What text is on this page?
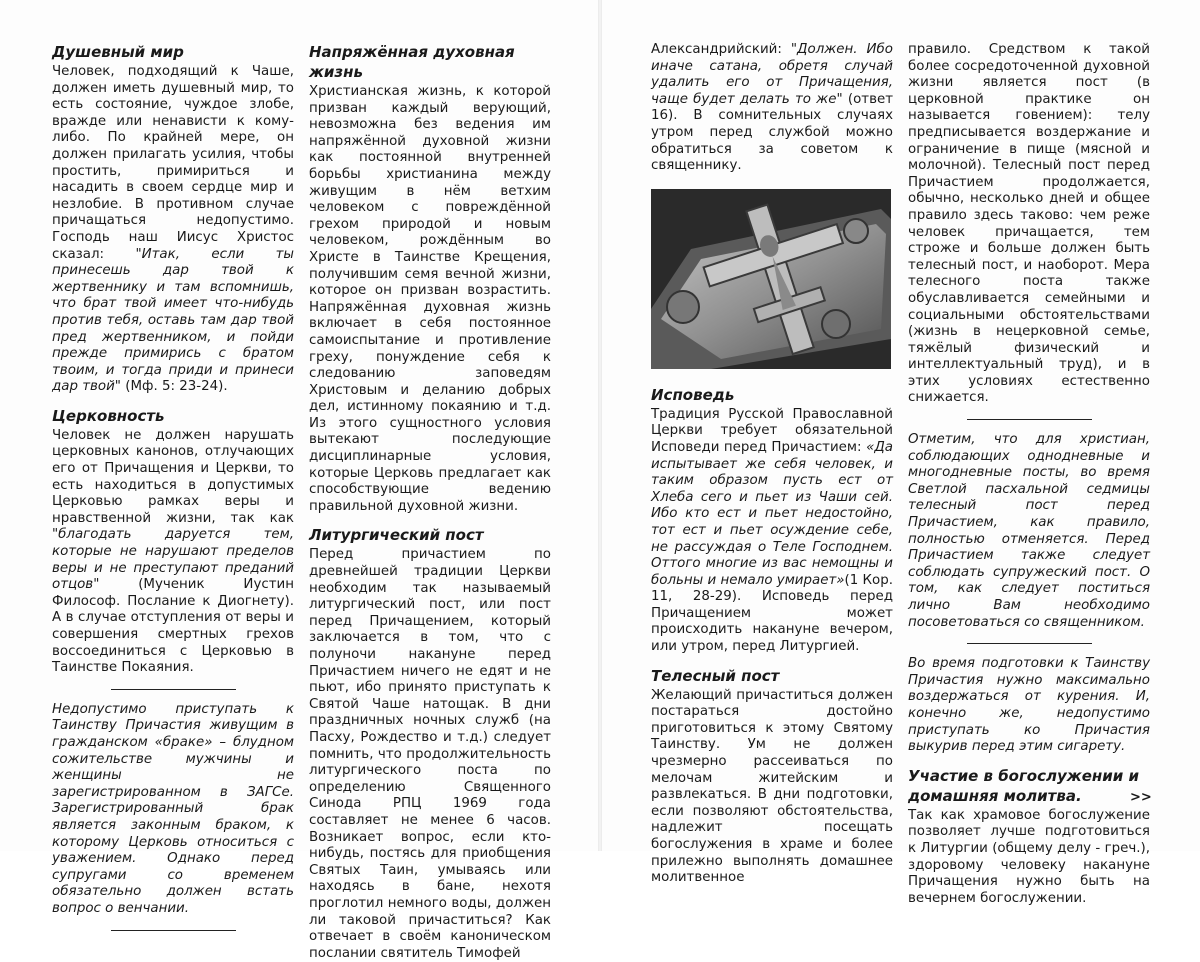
Душевный мир

Человек, подходящий к Чаше, должен иметь душевный мир, то есть состояние, чуждое злобе, вражде или ненависти к кому-либо. По крайней мере, он должен прилагать усилия, чтобы простить, примириться и насадить в своем сердце мир и незлобие. В противном случае причащаться недопустимо. Господь наш Иисус Христос сказал: "Итак, если ты принесешь дар твой к жертвеннику и там вспомнишь, что брат твой имеет что-нибудь против тебя, оставь там дар твой пред жертвенником, и пойди прежде примирись с братом твоим, и тогда приди и принеси дар твой" (Мф. 5: 23-24).

Церковность

Человек не должен нарушать церковных канонов, отлучающих его от Причащения и Церкви, то есть находиться в допустимых Церковью рамках веры и нравственной жизни, так как "благодать даруется тем, которые не нарушают пределов веры и не преступают преданий отцов" (Мученик Иустин Философ. Послание к Диогнету). А в случае отступления от веры и совершения смертных грехов воссоединиться с Церковью в Таинстве Покаяния.

Недопустимо приступать к Таинству Причастия живущим в гражданском «браке» – блудном сожительстве мужчины и женщины не зарегистрированном в ЗАГСе. Зарегистрированный брак является законным браком, к которому Церковь относиться с уважением. Однако перед супругами со временем обязательно должен встать вопрос о венчании.

Напряжённая духовная жизнь

Христианская жизнь, к которой призван каждый верующий, невозможна без ведения им напряжённой духовной жизни как постоянной внутренней борьбы христианина между живущим в нём ветхим человеком с повреждённой грехом природой и новым человеком, рождённым во Христе в Таинстве Крещения, получившим семя вечной жизни, которое он призван возрастить. Напряжённая духовная жизнь включает в себя постоянное самоиспытание и противление греху, понуждение себя к следованию заповедям Христовым и деланию добрых дел, истинному покаянию и т.д. Из этого сущностного условия вытекают последующие дисциплинарные условия, которые Церковь предлагает как способствующие ведению правильной духовной жизни.

Литургический пост

Перед причастием по древнейшей традиции Церкви необходим так называемый литургический пост, или пост перед Причащением, который заключается в том, что с полуночи накануне перед Причастием ничего не едят и не пьют, ибо принято приступать к Святой Чаше натощак. В дни праздничных ночных служб (на Пасху, Рождество и т.д.) следует помнить, что продолжительность литургического поста по определению Священного Синода РПЦ 1969 года составляет не менее 6 часов. Возникает вопрос, если кто-нибудь, постясь для приобщения Святых Таин, умываясь или находясь в бане, нехотя проглотил немного воды, должен ли таковой причаститься? Как отвечает в своём каноническом послании святитель Тимофей

Александрийский: "Должен. Ибо иначе сатана, обретя случай удалить его от Причащения, чаще будет делать то же" (ответ 16). В сомнительных случаях утром перед службой можно обратиться за советом к священнику.

Исповедь

Традиция Русской Православной Церкви требует обязательной Исповеди перед Причастием: «Да испытывает же себя человек, и таким образом пусть ест от Хлеба сего и пьет из Чаши сей. Ибо кто ест и пьет недостойно, тот ест и пьет осуждение себе, не рассуждая о Теле Господнем. Оттого многие из вас немощны и больны и немало умирает»(1 Кор. 11, 28-29). Исповедь перед Причащением может происходить накануне вечером, или утром, перед Литургией.

Телесный пост

Желающий причаститься должен постараться достойно приготовиться к этому Святому Таинству. Ум не должен чрезмерно рассеиваться по мелочам житейским и развлекаться. В дни подготовки, если позволяют обстоятельства, надлежит посещать богослужения в храме и более прилежно выполнять домашнее молитвенное

правило. Средством к такой более сосредоточенной духовной жизни является пост (в церковной практике он называется говением): телу предписывается воздержание и ограничение в пище (мясной и молочной). Телесный пост перед Причастием продолжается, обычно, несколько дней и общее правило здесь таково: чем реже человек причащается, тем строже и больше должен быть телесный пост, и наоборот. Мера телесного поста также обуславливается семейными и социальными обстоятельствами (жизнь в нецерковной семье, тяжёлый физический и интеллектуальный труд), и в этих условиях естественно снижается.

Отметим, что для христиан, соблюдающих однодневные и многодневные посты, во время Светлой пасхальной седмицы телесный пост перед Причастием, как правило, полностью отменяется. Перед Причастием также следует соблюдать супружеский пост. О том, как следует поститься лично Вам необходимо посоветоваться со священником.

Во время подготовки к Таинству Причастия нужно максимально воздержаться от курения. И, конечно же, недопустимо приступать ко Причастия выкурив перед этим сигарету.

Участие в богослужении и домашняя молитва.

Так как храмовое богослужение позволяет лучше подготовиться к Литургии (общему делу - греч.), здоровому человеку накануне Причащения нужно быть на вечернем богослужении.

>>
